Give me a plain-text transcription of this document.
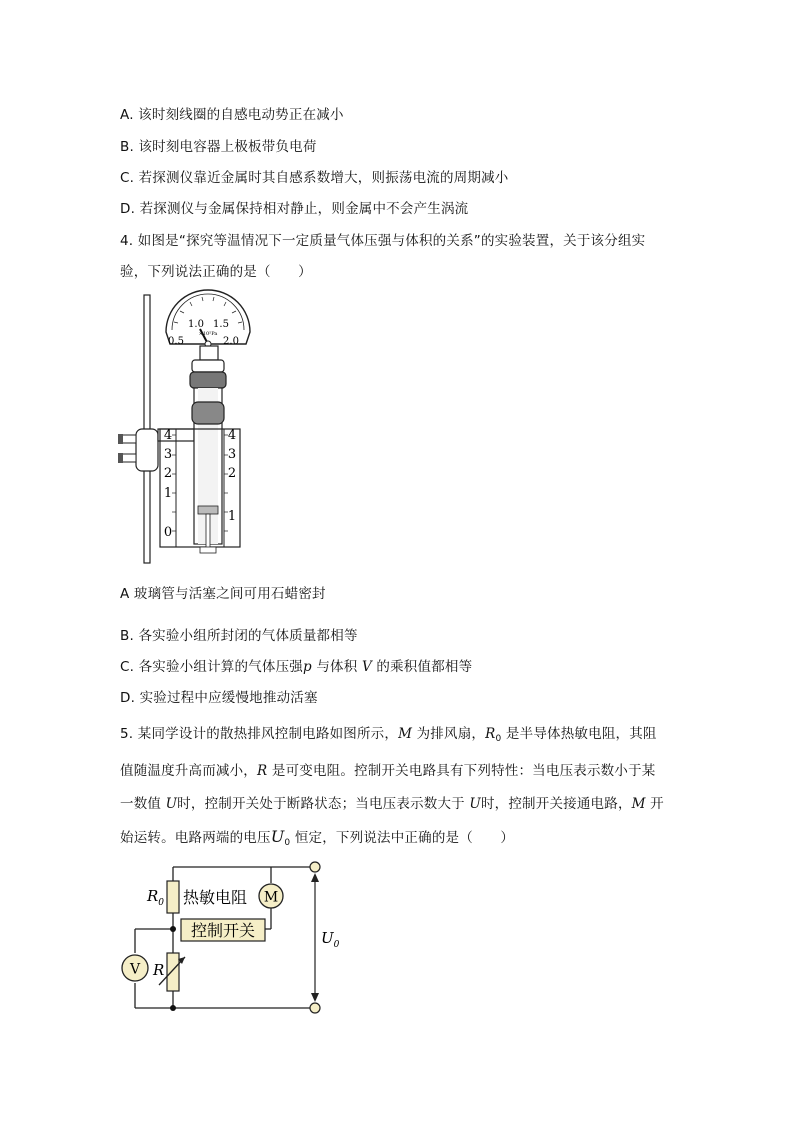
A. 该时刻线圈的自感电动势正在减小
B. 该时刻电容器上极板带负电荷
C. 若探测仪靠近金属时其自感系数增大，则振荡电流的周期减小
D. 若探测仪与金属保持相对静止，则金属中不会产生涡流
4. 如图是“探究等温情况下一定质量气体压强与体积的关系”的实验装置，关于该分组实
验，下列说法正确的是（　　）
0.5
1.0 1.5
2.0
×10⁵Pa
4
3
2
1
0
4
3
2
1
A 玻璃管与活塞之间可用石蜡密封
B. 各实验小组所封闭的气体质量都相等
C. 各实验小组计算的气体压强p 与体积 V 的乘积值都相等
D. 实验过程中应缓慢地推动活塞
5. 某同学设计的散热排风控制电路如图所示，M 为排风扇，$R_0$ 是半导体热敏电阻，其阻
值随温度升高而减小，R 是可变电阻。控制开关电路具有下列特性：当电压表示数小于某
一数值 U时，控制开关处于断路状态；当电压表示数大于 U时，控制开关接通电路，M 开
始运转。电路两端的电压$U_0$ 恒定，下列说法中正确的是（　　）
$R_0$ 热敏电阻 M
控制开关
V R
$U_0$
